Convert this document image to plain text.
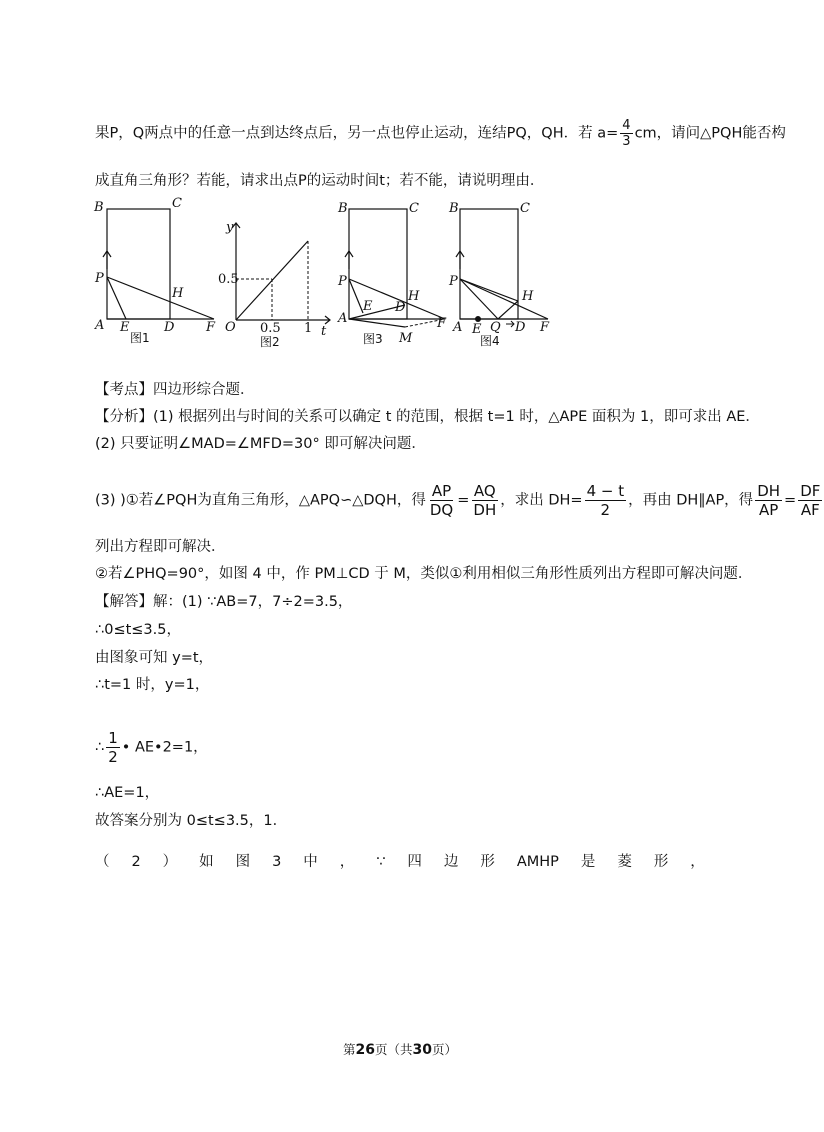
果P，Q两点中的任意一点到达终点后，另一点也停止运动，连结PQ，QH．若 $a= \frac{4}{3}$ cm，请问△PQH能否构
成直角三角形？若能，请求出点P的运动时间t；若不能，请说明理由．
B	C
P
H
A E	D F
图1
y
t
O
0.5
0.5 1
图2
B	C
P
H
A
E D
F
M
图3
B	C
P
H
A E Q D F
图4
【考点】四边形综合题．
【分析】(1) 根据列出与时间的关系可以确定 t 的范围，根据 t=1 时，△APE 面积为 1，即可求出 AE．
(2) 只要证明∠MAD=∠MFD=30° 即可解决问题．
(3) )①若∠PQH为直角三角形，△APQ∽△DQH，得 $\frac{AP}{DQ} = \frac{AQ}{DH}$ ，求出 $DH= \frac{4 - t}{2}$ ，再由 DH∥AP，得 $\frac{DH}{AP} = \frac{DF}{AF}$
列出方程即可解决．
②若∠PHQ=90°，如图 4 中，作 PM⊥CD 于 M，类似①利用相似三角形性质列出方程即可解决问题．
【解答】解：(1) ∵AB=7，7÷2=3.5，
∴0≤t≤3.5，
由图象可知 y=t，
∴t=1 时，y=1，
∴ $\frac{1}{2}$ • AE•2=1，
∴AE=1，
故答案分别为 0≤t≤3.5，1．
（ 2 ） 如 图 3 中 ， ∵ 四 边 形 AMHP 是 菱 形 ，
第26页（共30页）
